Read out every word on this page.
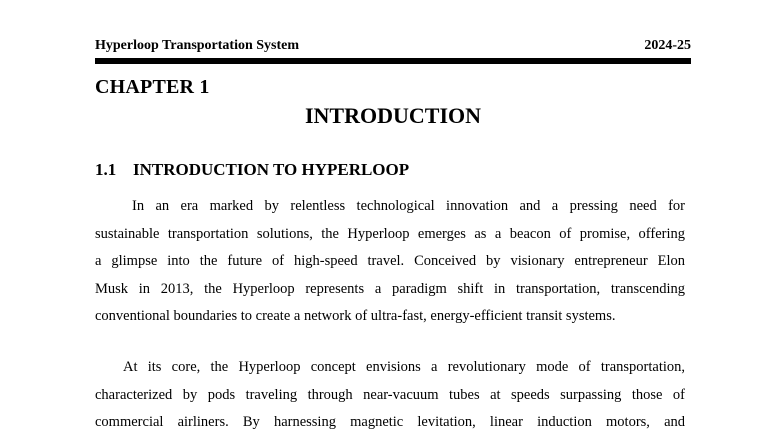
Hyperloop Transportation System	2024-25
CHAPTER 1
INTRODUCTION
1.1 INTRODUCTION TO HYPERLOOP
In an era marked by relentless technological innovation and a pressing need for
sustainable transportation solutions, the Hyperloop emerges as a beacon of promise, offering
a glimpse into the future of high-speed travel. Conceived by visionary entrepreneur Elon
Musk in 2013, the Hyperloop represents a paradigm shift in transportation, transcending
conventional boundaries to create a network of ultra-fast, energy-efficient transit systems.
At its core, the Hyperloop concept envisions a revolutionary mode of transportation,
characterized by pods traveling through near-vacuum tubes at speeds surpassing those of
commercial airliners. By harnessing magnetic levitation, linear induction motors, and
